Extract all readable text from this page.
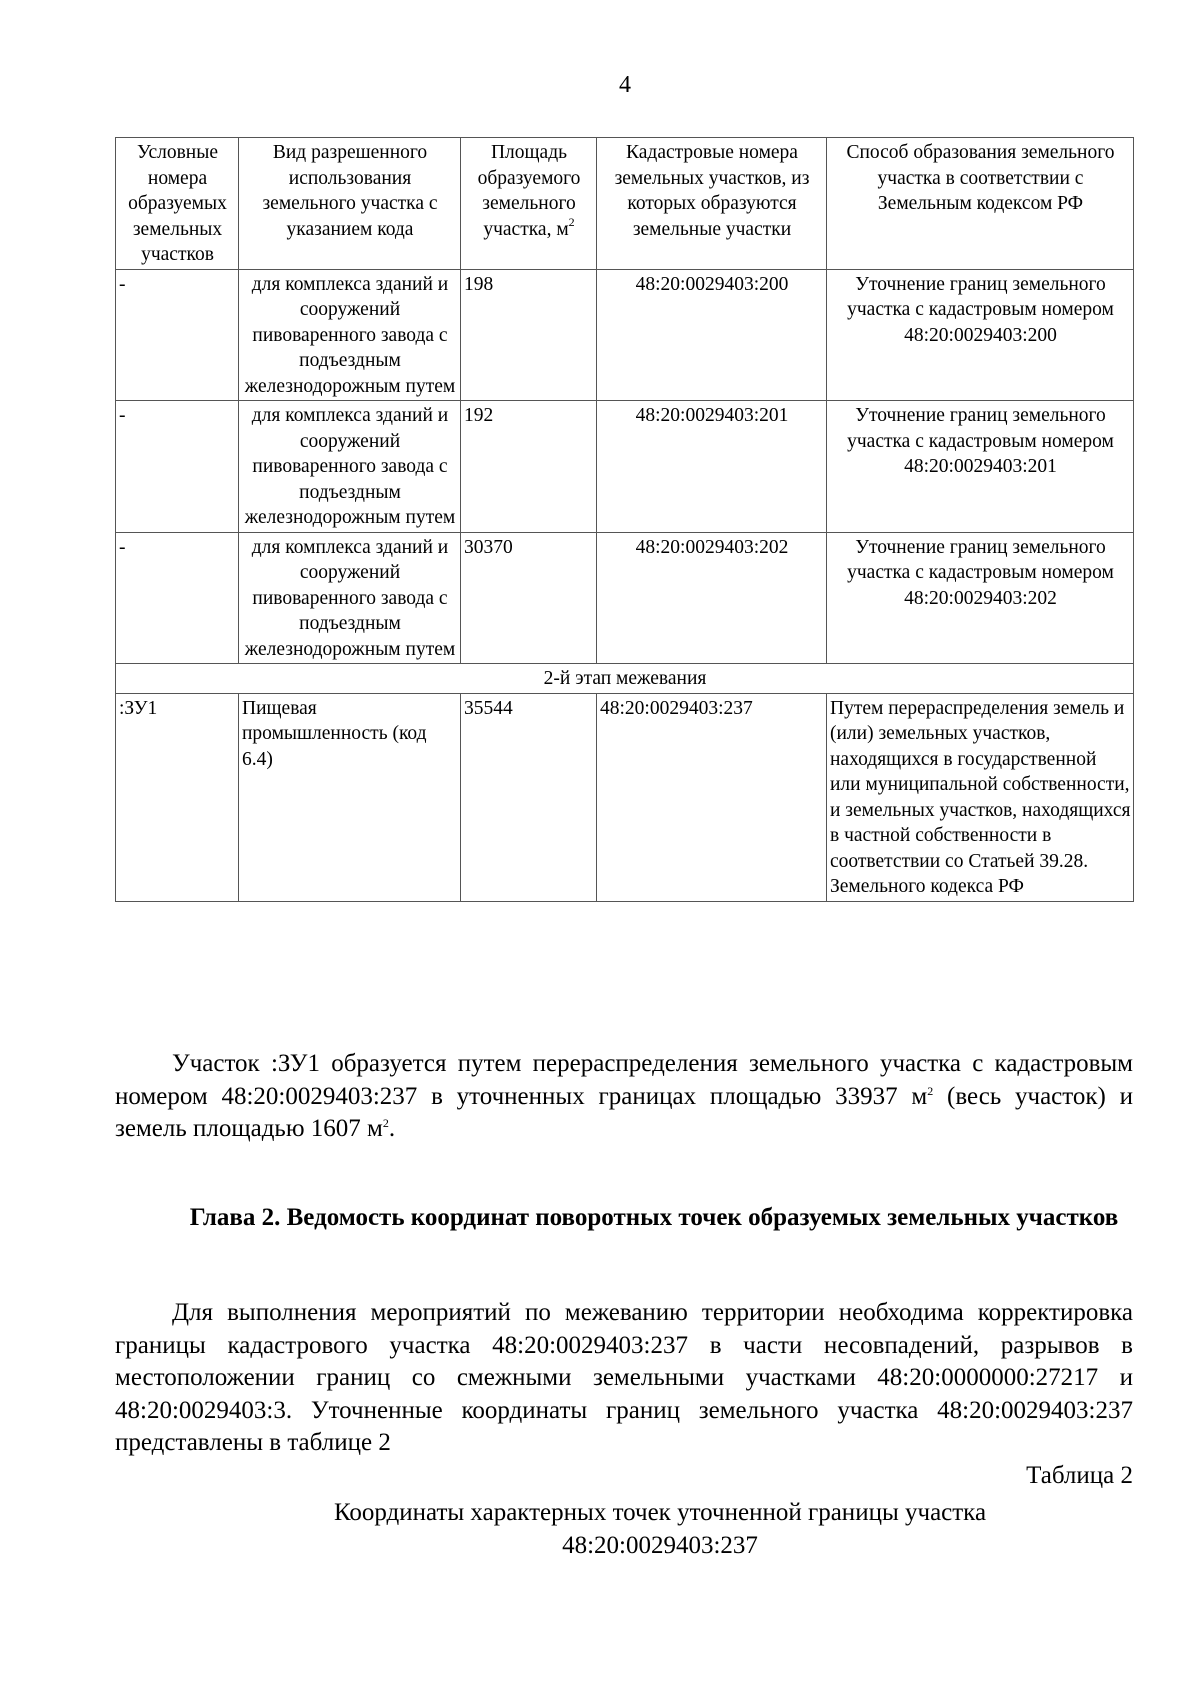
4
Условные номера образуемых земельных участков	Вид разрешенного использования земельного участка с указанием кода	Площадь образуемого земельного участка, $м^2$	Кадастровые номера земельных участков, из которых образуются земельные участки	Способ образования земельного участка в соответствии с Земельным кодексом РФ
-	для комплекса зданий и сооружений пивоваренного завода с подъездным железнодорожным путем	198	48:20:0029403:200	Уточнение границ земельного участка с кадастровым номером 48:20:0029403:200
-	для комплекса зданий и сооружений пивоваренного завода с подъездным железнодорожным путем	192	48:20:0029403:201	Уточнение границ земельного участка с кадастровым номером 48:20:0029403:201
-	для комплекса зданий и сооружений пивоваренного завода с подъездным железнодорожным путем	30370	48:20:0029403:202	Уточнение границ земельного участка с кадастровым номером 48:20:0029403:202
2-й этап межевания				
:ЗУ1	Пищевая промышленность (код 6.4)	35544	48:20:0029403:237	Путем перераспределения земель и (или) земельных участков, находящихся в государственной или муниципальной собственности, и земельных участков, находящихся в частной собственности в соответствии со Статьей 39.28. Земельного кодекса РФ

Участок :ЗУ1 образуется путем перераспределения земельного участка с кадастровым номером 48:20:0029403:237 в уточненных границах площадью 33937 $м^2$ (весь участок) и земель площадью 1607 $м^2$.

Глава 2. Ведомость координат поворотных точек образуемых земельных участков

Для выполнения мероприятий по межеванию территории необходима корректировка границы кадастрового участка 48:20:0029403:237 в части несовпадений, разрывов в местоположении границ со смежными земельными участками 48:20:0000000:27217 и 48:20:0029403:3. Уточненные координаты границ земельного участка 48:20:0029403:237 представлены в таблице 2

Таблица 2
Координаты характерных точек уточненной границы участка
48:20:0029403:237
